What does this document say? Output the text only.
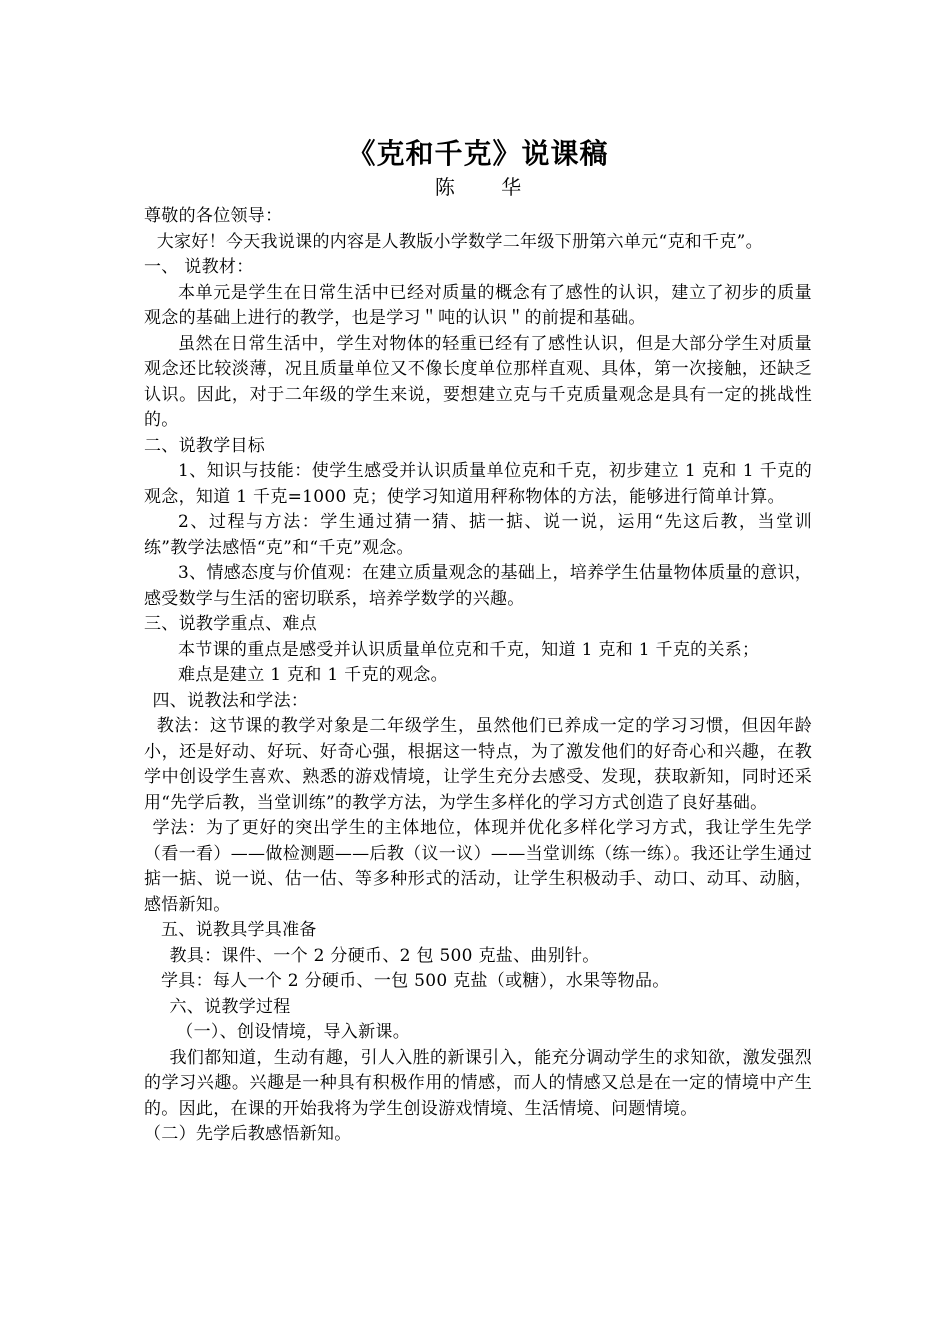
《克和千克》说课稿
陈 华

尊敬的各位领导：

大家好！今天我说课的内容是人教版小学数学二年级下册第六单元“克和千克”。

一、 说教材：

本单元是学生在日常生活中已经对质量的概念有了感性的认识，建立了初步的质量观念的基础上进行的教学，也是学习＂吨的认识＂的前提和基础。

虽然在日常生活中，学生对物体的轻重已经有了感性认识，但是大部分学生对质量观念还比较淡薄，况且质量单位又不像长度单位那样直观、具体，第一次接触，还缺乏认识。因此，对于二年级的学生来说，要想建立克与千克质量观念是具有一定的挑战性的。

二、说教学目标

1、知识与技能：使学生感受并认识质量单位克和千克，初步建立 1 克和 1 千克的观念，知道 1 千克=1000 克；使学习知道用秤称物体的方法，能够进行简单计算。

2、过程与方法：学生通过猜一猜、掂一掂、说一说，运用“先这后教，当堂训练”教学法感悟“克”和“千克”观念。

3、情感态度与价值观：在建立质量观念的基础上，培养学生估量物体质量的意识，感受数学与生活的密切联系，培养学数学的兴趣。

三、说教学重点、难点

本节课的重点是感受并认识质量单位克和千克，知道 1 克和 1 千克的关系；

难点是建立 1 克和 1 千克的观念。

四、说教法和学法：

教法：这节课的教学对象是二年级学生，虽然他们已养成一定的学习习惯，但因年龄小，还是好动、好玩、好奇心强，根据这一特点，为了激发他们的好奇心和兴趣，在教学中创设学生喜欢、熟悉的游戏情境，让学生充分去感受、发现，获取新知，同时还采用“先学后教，当堂训练”的教学方法，为学生多样化的学习方式创造了良好基础。

学法：为了更好的突出学生的主体地位，体现并优化多样化学习方式，我让学生先学（看一看）——做检测题——后教（议一议）——当堂训练（练一练）。我还让学生通过掂一掂、说一说、估一估、等多种形式的活动，让学生积极动手、动口、动耳、动脑，感悟新知。

五、说教具学具准备

教具：课件、一个 2 分硬币、2 包 500 克盐、曲别针。

学具：每人一个 2 分硬币、一包 500 克盐（或糖），水果等物品。

六、说教学过程

（一）、创设情境，导入新课。

我们都知道，生动有趣，引人入胜的新课引入，能充分调动学生的求知欲，激发强烈的学习兴趣。兴趣是一种具有积极作用的情感，而人的情感又总是在一定的情境中产生的。因此，在课的开始我将为学生创设游戏情境、生活情境、问题情境。

（二）先学后教感悟新知。
